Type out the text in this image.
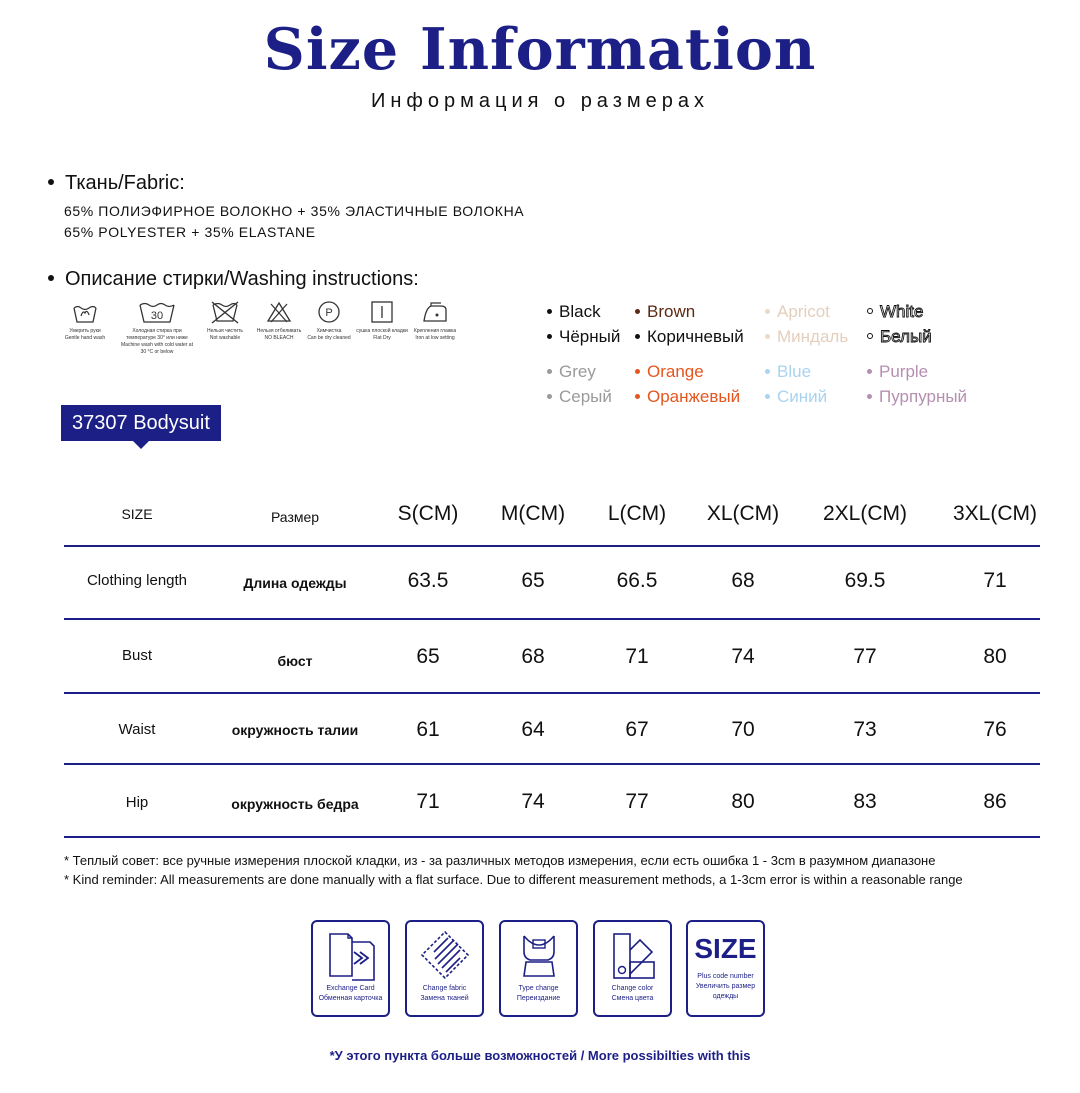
Size Information
Информация о размерах
Ткань/Fabric:
65% ПОЛИЭФИРНОЕ ВОЛОКНО + 35% ЭЛАСТИЧНЫЕ ВОЛОКНА
65% POLYESTER + 35% ELASTANE
Описание стирки/Washing instructions:
Умерить руки
Gentle hand wash
30
Холодная стирка при температуре 30° или ниже
Machine wash with cold water at 30 °C or below
Нельзя чистить
Not washable
Нельзя отбеливать
NO BLEACH
P
Химчистка
Can be dry cleaned
сушка плоской кладки
Flat Dry
Крепления глажка
Iron at low setting
Black
Чёрный
Brown
Коричневый
Apricot
Миндаль
White
Белый
Grey
Серый
Orange
Оранжевый
Blue
Синий
Purple
Пурпурный
37307 Bodysuit
SIZE	Размер	S(CM)	M(CM)	L(CM)	XL(CM)	2XL(CM)	3XL(CM)
Clothing length	Длина одежды	63.5	65	66.5	68	69.5	71
Bust	бюст	65	68	71	74	77	80
Waist	окружность талии	61	64	67	70	73	76
Hip	окружность бедра	71	74	77	80	83	86
* Теплый совет: все ручные измерения плоской кладки, из - за различных методов измерения, если есть ошибка 1 - 3cm в разумном диапазоне
* Kind reminder: All measurements are done manually with a flat surface. Due to different measurement methods, a 1-3cm error is within a reasonable range
Exchange Card
Обменная карточка
Change fabric
Замена ткaней
Type change
Переиздание
Change color
Смена цвета
SIZE
Plus code number
Увеличить размер одежды
*У этого пункта больше возможностей / More possibilties with this
